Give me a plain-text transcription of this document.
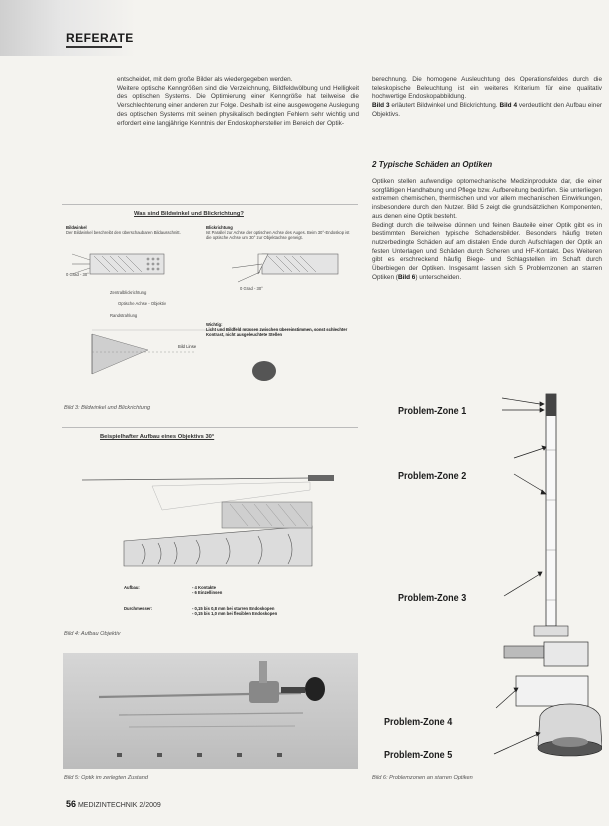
REFERATE

entscheidet, mit dem große Bilder als wiedergegeben werden.

Weitere optische Kenngrößen sind die Verzeichnung, Bildfeldwölbung und Helligkeit des optischen Systems. Die Optimierung einer Kenngröße hat teilweise die Verschlechterung einer anderen zur Folge. Deshalb ist eine ausgewogene Auslegung des optischen Systems mit seinen physikalisch bedingten Fehlern sehr wichtig und erfordert eine langjährige Kenntnis der Endoskophersteller im Bereich der Optik-

berechnung. Die homogene Ausleuchtung des Operationsfeldes durch die teleskopische Beleuchtung ist ein weiteres Kriterium für eine qualitativ hochwertige Endoskopabbildung.

Bild 3 erläutert Bildwinkel und Blickrichtung. Bild 4 verdeutlicht den Aufbau einer Objektivs.

2 Typische Schäden an Optiken

Optiken stellen aufwendige optomechanische Medizinprodukte dar, die einer sorgfältigen Handhabung und Pflege bzw. Aufbereitung bedürfen. Sie unterliegen extremen chemischen, thermischen und vor allem mechanischen Einwirkungen, insbesondere durch den Nutzer. Bild 5 zeigt die grundsätzlichen Komponenten, aus denen eine Optik besteht.

Bedingt durch die teilweise dünnen und feinen Bauteile einer Optik gibt es in bestimmten Bereichen typische Schadensbilder. Besonders häufig treten nutzerbedingte Schäden auf am distalen Ende durch Aufschlagen der Optik an festen Unterlagen und Schäden durch Scheren und HF-Kontakt. Des Weiteren gibt es erschreckend häufig Biege- und Schlagstellen im Schaft durch Überbiegen der Optiken. Insgesamt lassen sich 5 Problemzonen an starren Optiken (Bild 6) unterscheiden.

Was sind Bildwinkel und Blickrichtung?
Bildwinkel
Der Bildwinkel beschreibt den überschaubaren Bildausschnitt.
Blickrichtung
Ist Parallel zur Achse der optischen Achse des Auges. Beim 30°-Endoskop ist die optische Achse um 30° zur Objektachse geneigt.
0 Grad - 30°
0 Grad - 30°
Zentralblickrichtung
Optische Achse - Objektiv
Randstrahlung
Wichtig:
Licht und Bildfeld müssen zwischen übereinstimmen, sonst schlechter Kontrast, nicht ausgeleuchtete Stellen
Bild Linse
Bild 3: Bildwinkel und Blickrichtung
Beispielhafter Aufbau eines Objektivs 30°
Aufbau:	- 4 Kontakte
- 6 Einzellinsen
Durchmesser:	- 0,15 bis 0,8 mm bei starren Endoskopen
- 0,15 bis 1,0 mm bei flexiblen Endoskopen
Bild 4: Aufbau Objektiv
Bild 5: Optik im zerlegten Zustand
Problem-Zone 1
Problem-Zone 2
Problem-Zone 3
Problem-Zone 4
Problem-Zone 5
Bild 6: Problemzonen an starren Optiken
56 MEDIZINTECHNIK 2/2009
